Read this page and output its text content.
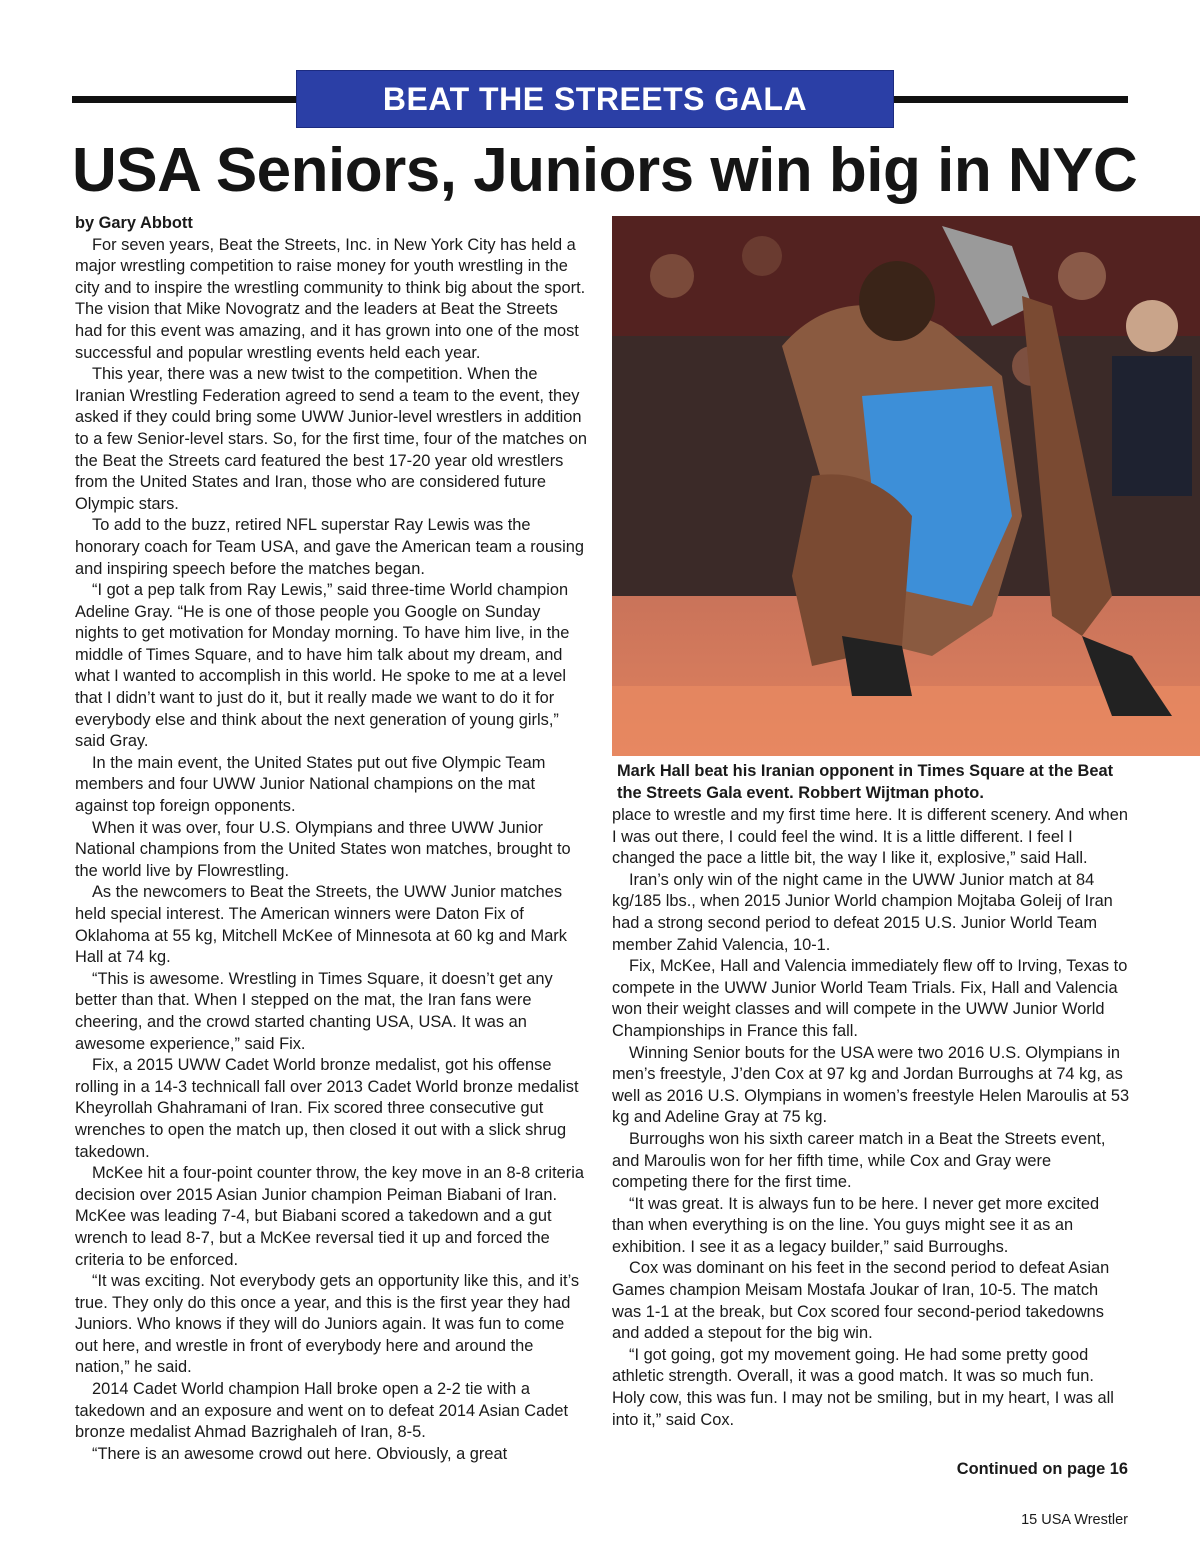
BEAT THE STREETS GALA
USA Seniors, Juniors win big in NYC

by Gary Abbott

For seven years, Beat the Streets, Inc. in New York City has held a major wrestling competition to raise money for youth wrestling in the city and to inspire the wrestling community to think big about the sport. The vision that Mike Novogratz and the leaders at Beat the Streets had for this event was amazing, and it has grown into one of the most successful and popular wrestling events held each year.

This year, there was a new twist to the competition. When the Iranian Wrestling Federation agreed to send a team to the event, they asked if they could bring some UWW Junior-level wrestlers in addition to a few Senior-level stars. So, for the first time, four of the matches on the Beat the Streets card featured the best 17-20 year old wrestlers from the United States and Iran, those who are considered future Olympic stars.

To add to the buzz, retired NFL superstar Ray Lewis was the honorary coach for Team USA, and gave the American team a rousing and inspiring speech before the matches began.

“I got a pep talk from Ray Lewis,” said three-time World champion Adeline Gray. “He is one of those people you Google on Sunday nights to get motivation for Monday morning. To have him live, in the middle of Times Square, and to have him talk about my dream, and what I wanted to accomplish in this world. He spoke to me at a level that I didn’t want to just do it, but it really made we want to do it for everybody else and think about the next generation of young girls,” said Gray.

In the main event, the United States put out five Olympic Team members and four UWW Junior National champions on the mat against top foreign opponents.

When it was over, four U.S. Olympians and three UWW Junior National champions from the United States won matches, brought to the world live by Flowrestling.

As the newcomers to Beat the Streets, the UWW Junior matches held special interest. The American winners were Daton Fix of Oklahoma at 55 kg, Mitchell McKee of Minnesota at 60 kg and Mark Hall at 74 kg.

“This is awesome. Wrestling in Times Square, it doesn’t get any better than that. When I stepped on the mat, the Iran fans were cheering, and the crowd started chanting USA, USA. It was an awesome experience,” said Fix.

Fix, a 2015 UWW Cadet World bronze medalist, got his offense rolling in a 14-3 technicall fall over 2013 Cadet World bronze medalist Kheyrollah Ghahramani of Iran. Fix scored three consecutive gut wrenches to open the match up, then closed it out with a slick shrug takedown.

McKee hit a four-point counter throw, the key move in an 8-8 criteria decision over 2015 Asian Junior champion Peiman Biabani of Iran. McKee was leading 7-4, but Biabani scored a takedown and a gut wrench to lead 8-7, but a McKee reversal tied it up and forced the criteria to be enforced.

“It was exciting. Not everybody gets an opportunity like this, and it’s true. They only do this once a year, and this is the first year they had Juniors. Who knows if they will do Juniors again. It was fun to come out here, and wrestle in front of everybody here and around the nation,” he said.

2014 Cadet World champion Hall broke open a 2-2 tie with a takedown and an exposure and went on to defeat 2014 Asian Cadet bronze medalist Ahmad Bazrighaleh of Iran, 8-5.

“There is an awesome crowd out here. Obviously, a great

Mark Hall beat his Iranian opponent in Times Square at the Beat the Streets Gala event. Robbert Wijtman photo.

place to wrestle and my first time here. It is different scenery. And when I was out there, I could feel the wind. It is a little different. I feel I changed the pace a little bit, the way I like it, explosive,” said Hall.

Iran’s only win of the night came in the UWW Junior match at 84 kg/185 lbs., when 2015 Junior World champion Mojtaba Goleij of Iran had a strong second period to defeat 2015 U.S. Junior World Team member Zahid Valencia, 10-1.

Fix, McKee, Hall and Valencia immediately flew off to Irving, Texas to compete in the UWW Junior World Team Trials. Fix, Hall and Valencia won their weight classes and will compete in the UWW Junior World Championships in France this fall.

Winning Senior bouts for the USA were two 2016 U.S. Olympians in men’s freestyle, J’den Cox at 97 kg and Jordan Burroughs at 74 kg, as well as 2016 U.S. Olympians in women’s freestyle Helen Maroulis at 53 kg and Adeline Gray at 75 kg.

Burroughs won his sixth career match in a Beat the Streets event, and Maroulis won for her fifth time, while Cox and Gray were competing there for the first time.

“It was great. It is always fun to be here. I never get more excited than when everything is on the line. You guys might see it as an exhibition. I see it as a legacy builder,” said Burroughs.

Cox was dominant on his feet in the second period to defeat Asian Games champion Meisam Mostafa Joukar of Iran, 10-5. The match was 1-1 at the break, but Cox scored four second-period takedowns and added a stepout for the big win.

“I got going, got my movement going. He had some pretty good athletic strength. Overall, it was a good match. It was so much fun. Holy cow, this was fun. I may not be smiling, but in my heart, I was all into it,” said Cox.

Continued on page 16
15 USA Wrestler
